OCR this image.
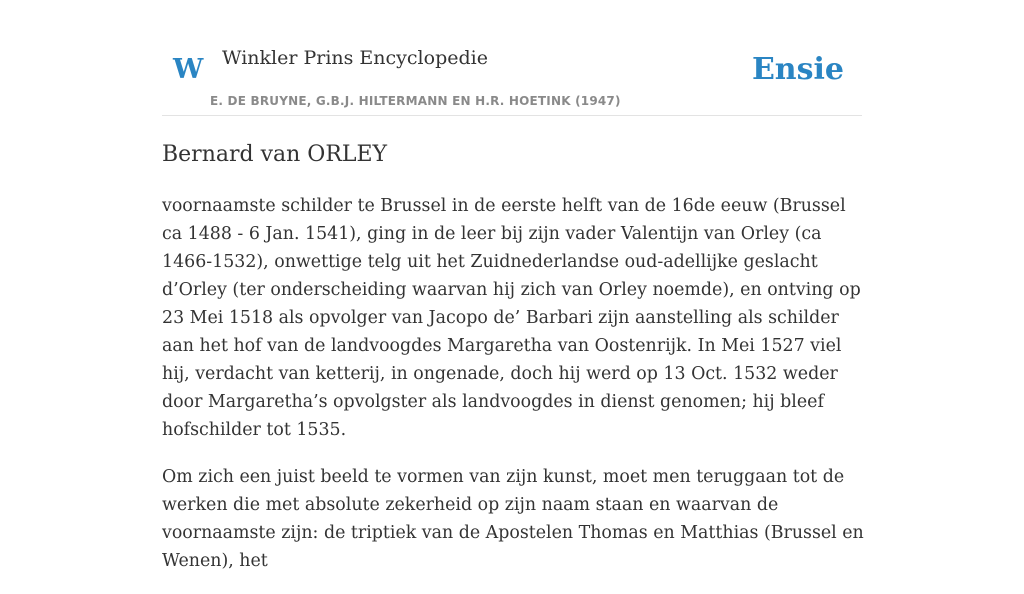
W Winkler Prins Encyclopedie
E. DE BRUYNE, G.B.J. HILTERMANN EN H.R. HOETINK (1947)
Ensie
Bernard van ORLEY

voornaamste schilder te Brussel in de eerste helft van de 16de eeuw (Brussel ca 1488 - 6 Jan. 1541), ging in de leer bij zijn vader Valentijn van Orley (ca 1466-1532), onwettige telg uit het Zuidnederlandse oud-adellijke geslacht d’Orley (ter onderscheiding waarvan hij zich van Orley noemde), en ontving op 23 Mei 1518 als opvolger van Jacopo de’ Barbari zijn aanstelling als schilder aan het hof van de landvoogdes Margaretha van Oostenrijk. In Mei 1527 viel hij, verdacht van ketterij, in ongenade, doch hij werd op 13 Oct. 1532 weder door Margaretha’s opvolgster als landvoogdes in dienst genomen; hij bleef hofschilder tot 1535.

Om zich een juist beeld te vormen van zijn kunst, moet men teruggaan tot de werken die met absolute zekerheid op zijn naam staan en waarvan de voornaamste zijn: de triptiek van de Apostelen Thomas en Matthias (Brussel en Wenen), het
